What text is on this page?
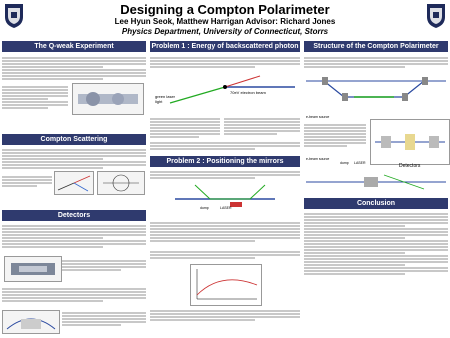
Designing a Compton Polarimeter
Lee Hyun Seok, Matthew Harrigan Advisor: Richard Jones
Physics Department, University of Connecticut, Storrs
The Q-weak Experiment	Problem 1 : Energy of backscattered photon	Structure of the Compton Polarimeter
Compton Scattering
Detectors
green laser
light
70eV electron beam
Problem 2 : Positioning the mirrors
dump	LASER
e-beam source
e-beam source
dump LASER	Detectors
Conclusion
